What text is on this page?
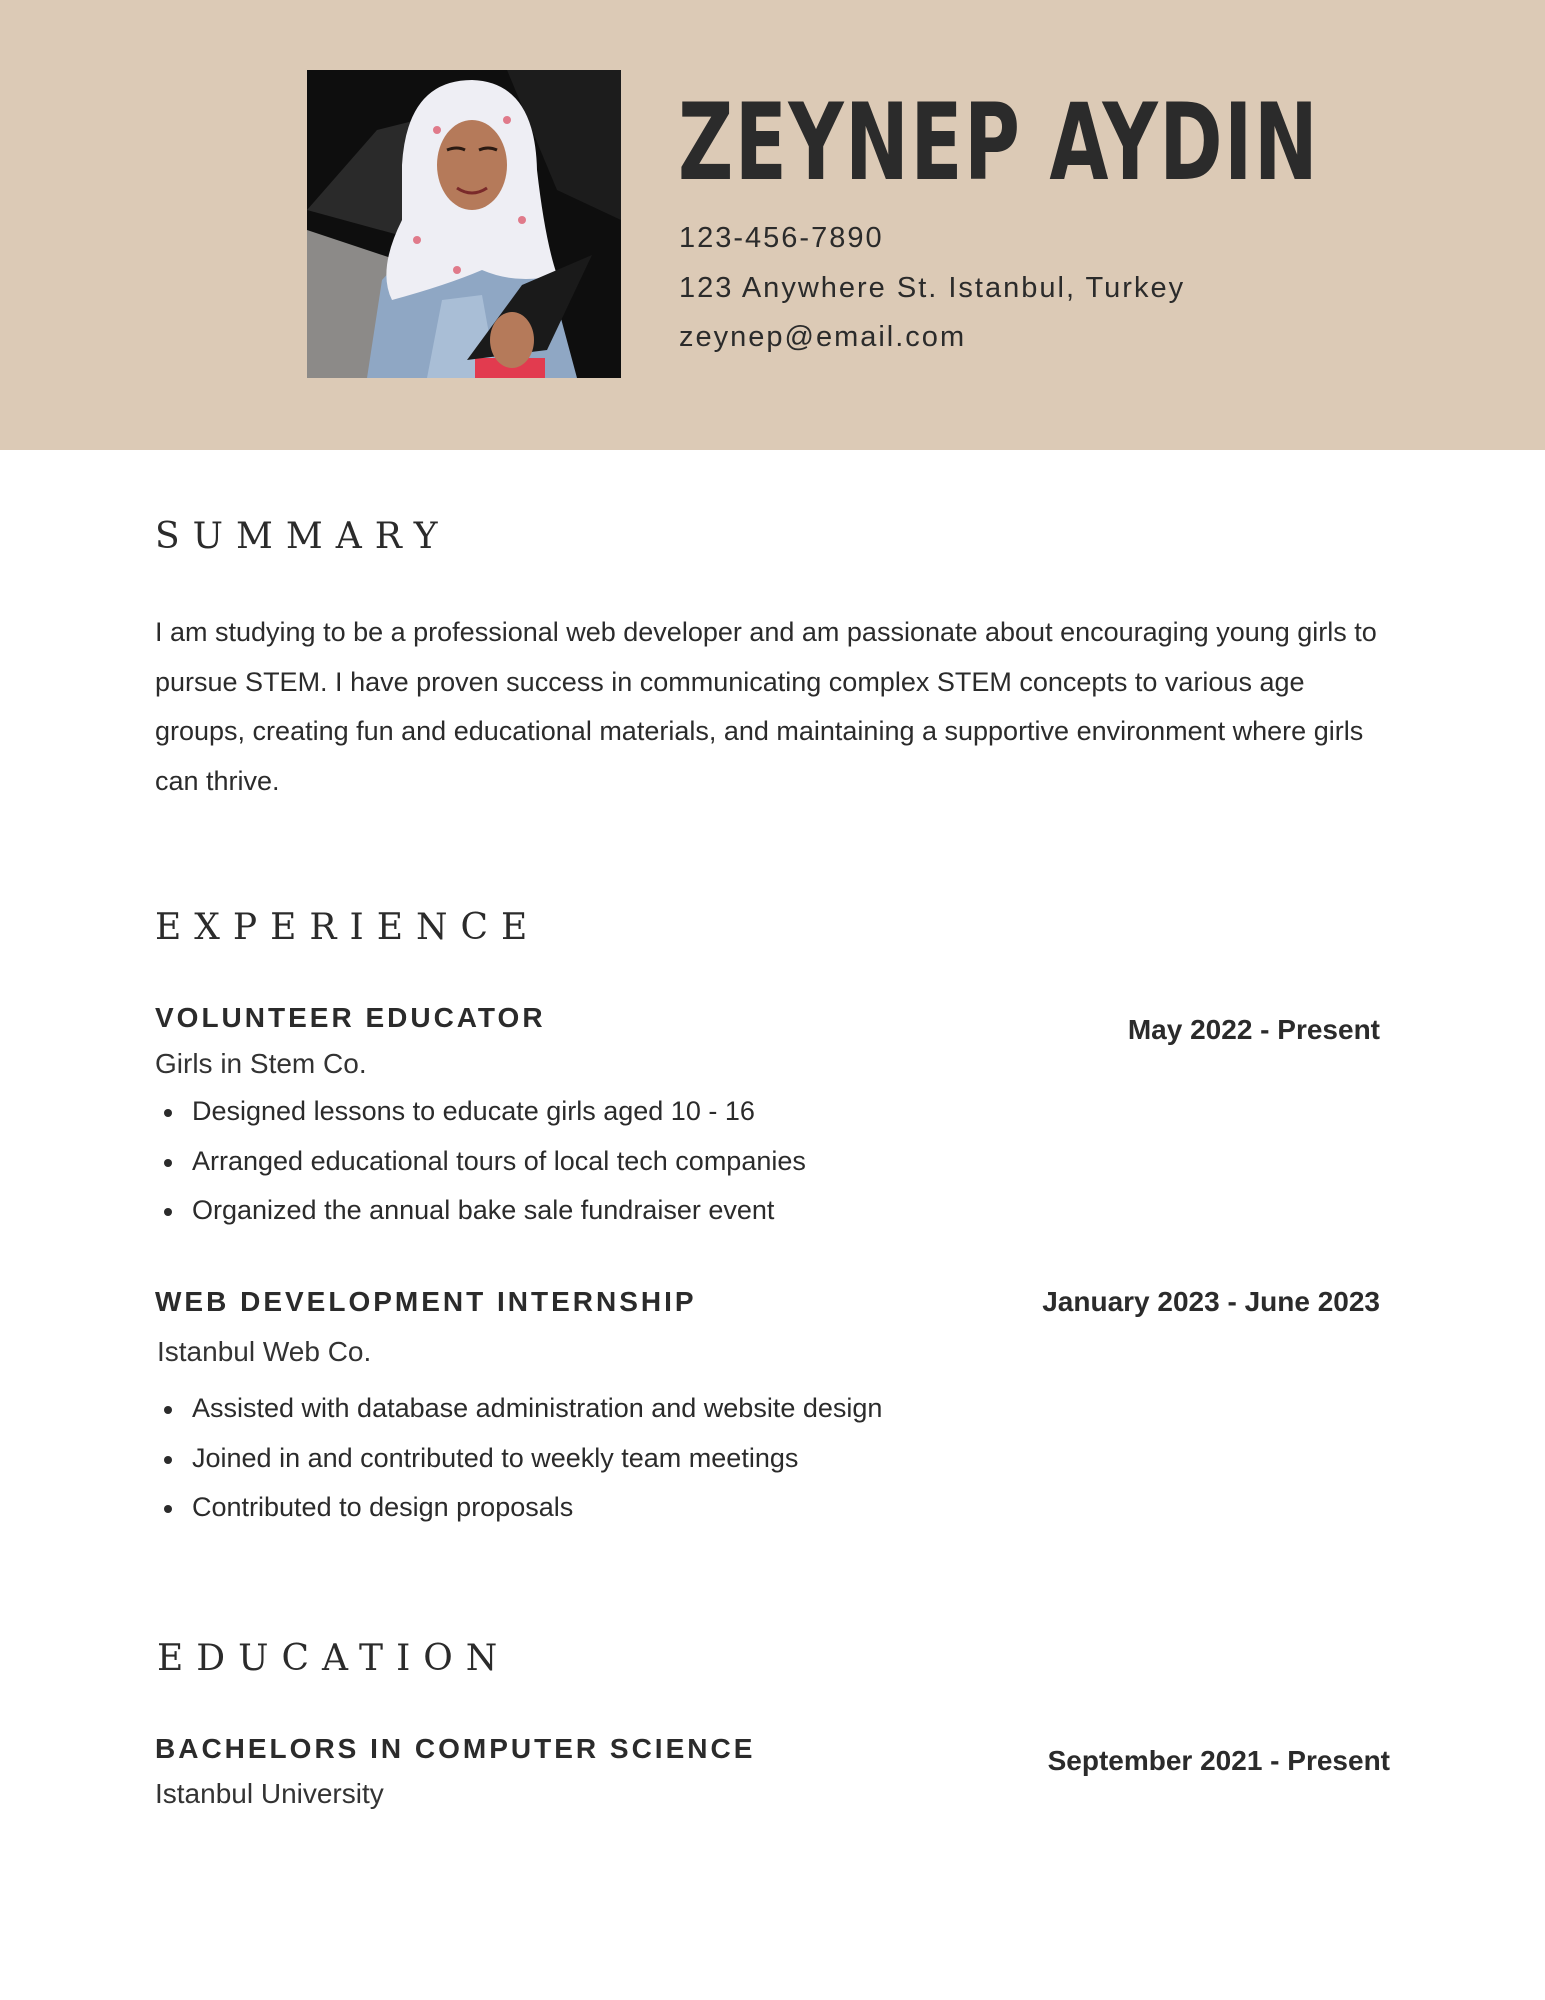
ZEYNEP AYDIN
123-456-7890
123 Anywhere St. Istanbul, Turkey
zeynep@email.com
SUMMARY

I am studying to be a professional web developer and am passionate about encouraging young girls to pursue STEM. I have proven success in communicating complex STEM concepts to various age groups, creating fun and educational materials, and maintaining a supportive environment where girls can thrive.

EXPERIENCE
VOLUNTEER EDUCATOR	May 2022 - Present
Girls in Stem Co.
Designed lessons to educate girls aged 10 - 16
Arranged educational tours of local tech companies
Organized the annual bake sale fundraiser event
WEB DEVELOPMENT INTERNSHIP	January 2023 - June 2023
Istanbul Web Co.
Assisted with database administration and website design
Joined in and contributed to weekly team meetings
Contributed to design proposals
EDUCATION
BACHELORS IN COMPUTER SCIENCE	September 2021 - Present
Istanbul University
